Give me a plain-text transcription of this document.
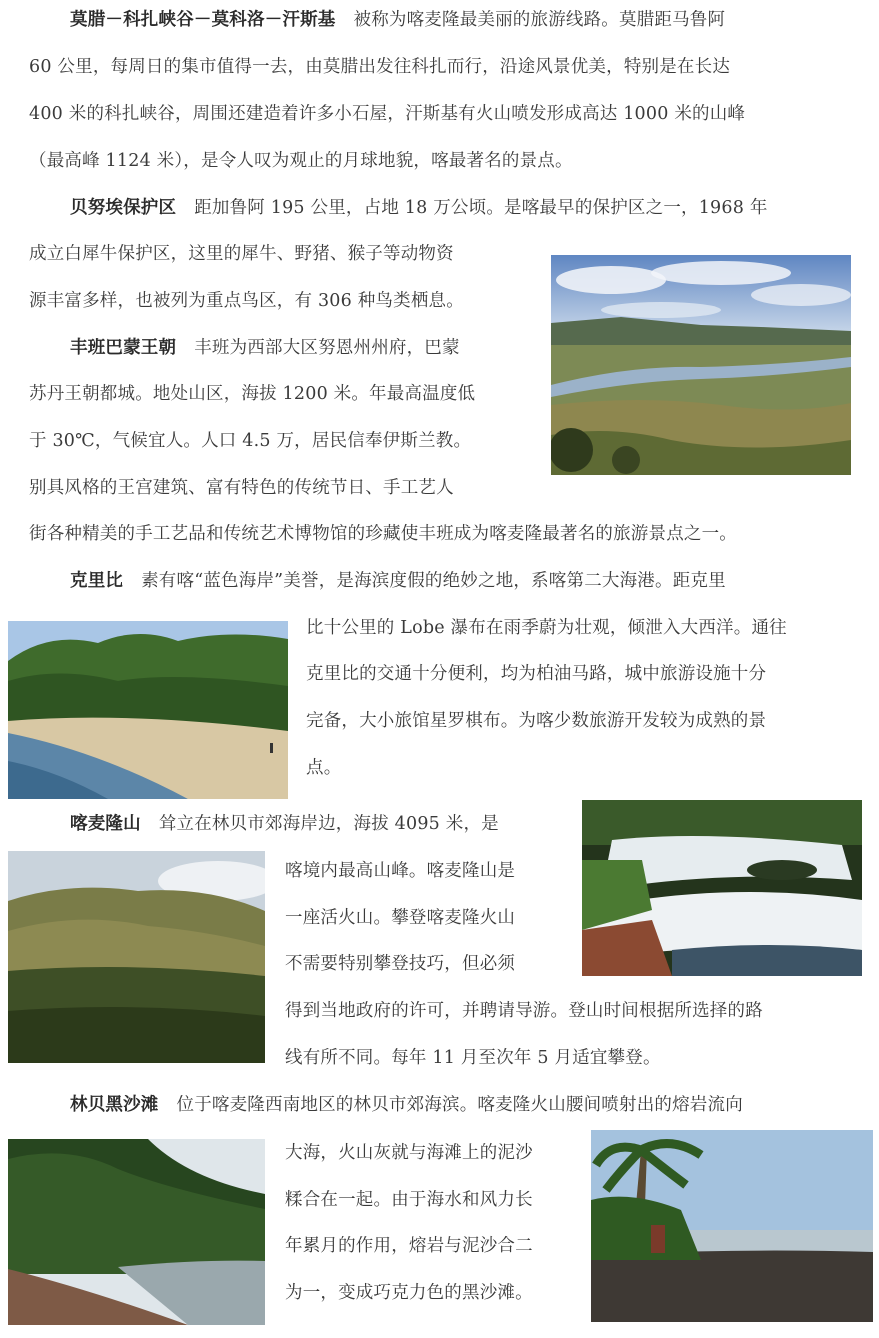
莫腊－科扎峡谷－莫科洛－汗斯基 被称为喀麦隆最美丽的旅游线路。莫腊距马鲁阿
60 公里，每周日的集市值得一去，由莫腊出发往科扎而行，沿途风景优美，特别是在长达
400 米的科扎峡谷，周围还建造着许多小石屋，汗斯基有火山喷发形成高达 1000 米的山峰
（最高峰 1124 米），是令人叹为观止的月球地貌，喀最著名的景点。
贝努埃保护区 距加鲁阿 195 公里，占地 18 万公顷。是喀最早的保护区之一，1968 年
成立白犀牛保护区，这里的犀牛、野猪、猴子等动物资
源丰富多样，也被列为重点鸟区，有 306 种鸟类栖息。
丰班巴蒙王朝 丰班为西部大区努恩州州府，巴蒙
苏丹王朝都城。地处山区，海拔 1200 米。年最高温度低
于 30℃，气候宜人。人口 4.5 万，居民信奉伊斯兰教。
别具风格的王宫建筑、富有特色的传统节日、手工艺人
街各种精美的手工艺品和传统艺术博物馆的珍藏使丰班成为喀麦隆最著名的旅游景点之一。
克里比 素有喀“蓝色海岸”美誉，是海滨度假的绝妙之地，系喀第二大海港。距克里
比十公里的 Lobe 瀑布在雨季蔚为壮观，倾泄入大西洋。通往
克里比的交通十分便利，均为柏油马路，城中旅游设施十分
完备，大小旅馆星罗棋布。为喀少数旅游开发较为成熟的景
点。
喀麦隆山 耸立在林贝市郊海岸边，海拔 4095 米，是
喀境内最高山峰。喀麦隆山是
一座活火山。攀登喀麦隆火山
不需要特别攀登技巧，但必须
得到当地政府的许可，并聘请导游。登山时间根据所选择的路
线有所不同。每年 11 月至次年 5 月适宜攀登。
林贝黑沙滩 位于喀麦隆西南地区的林贝市郊海滨。喀麦隆火山腰间喷射出的熔岩流向
大海，火山灰就与海滩上的泥沙
糅合在一起。由于海水和风力长
年累月的作用，熔岩与泥沙合二
为一，变成巧克力色的黑沙滩。
